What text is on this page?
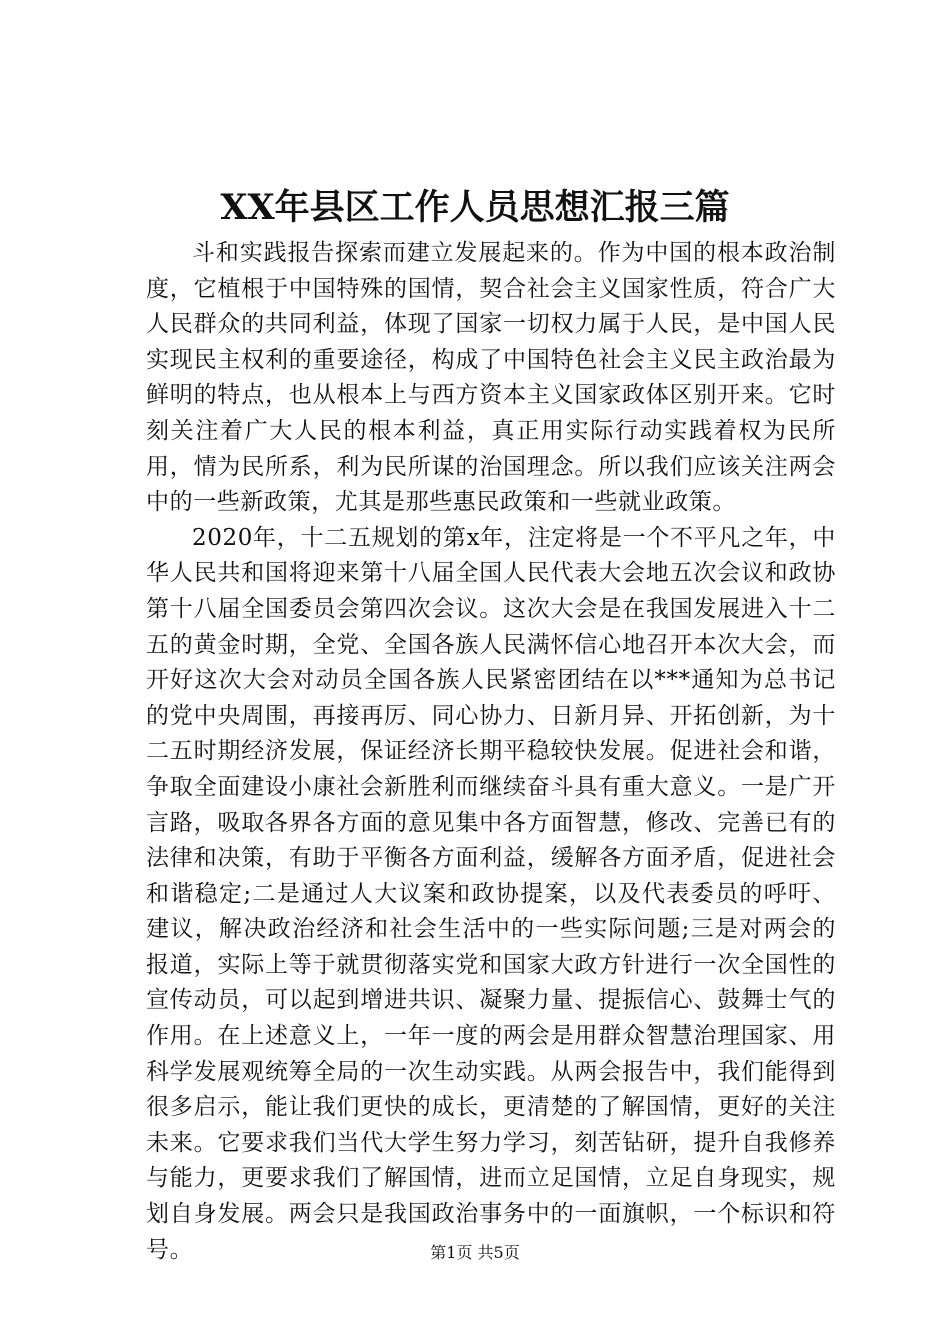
XX年县区工作人员思想汇报三篇

斗和实践报告探索而建立发展起来的。作为中国的根本政治制度，它植根于中国特殊的国情，契合社会主义国家性质，符合广大人民群众的共同利益，体现了国家一切权力属于人民，是中国人民实现民主权利的重要途径，构成了中国特色社会主义民主政治最为鲜明的特点，也从根本上与西方资本主义国家政体区别开来。它时刻关注着广大人民的根本利益，真正用实际行动实践着权为民所用，情为民所系，利为民所谋的治国理念。所以我们应该关注两会中的一些新政策，尤其是那些惠民政策和一些就业政策。

2020年，十二五规划的第x年，注定将是一个不平凡之年，中华人民共和国将迎来第十八届全国人民代表大会地五次会议和政协第十八届全国委员会第四次会议。这次大会是在我国发展进入十二五的黄金时期，全党、全国各族人民满怀信心地召开本次大会，而开好这次大会对动员全国各族人民紧密团结在以***通知为总书记的党中央周围，再接再厉、同心协力、日新月异、开拓创新，为十二五时期经济发展，保证经济长期平稳较快发展。促进社会和谐，争取全面建设小康社会新胜利而继续奋斗具有重大意义。一是广开言路，吸取各界各方面的意见集中各方面智慧，修改、完善已有的法律和决策，有助于平衡各方面利益，缓解各方面矛盾，促进社会和谐稳定;二是通过人大议案和政协提案，以及代表委员的呼吁、建议，解决政治经济和社会生活中的一些实际问题;三是对两会的报道，实际上等于就贯彻落实党和国家大政方针进行一次全国性的宣传动员，可以起到增进共识、凝聚力量、提振信心、鼓舞士气的作用。在上述意义上，一年一度的两会是用群众智慧治理国家、用科学发展观统筹全局的一次生动实践。从两会报告中，我们能得到很多启示，能让我们更快的成长，更清楚的了解国情，更好的关注未来。它要求我们当代大学生努力学习，刻苦钻研，提升自我修养与能力，更要求我们了解国情，进而立足国情，立足自身现实，规划自身发展。两会只是我国政治事务中的一面旗帜，一个标识和符号。	第1页 共5页
